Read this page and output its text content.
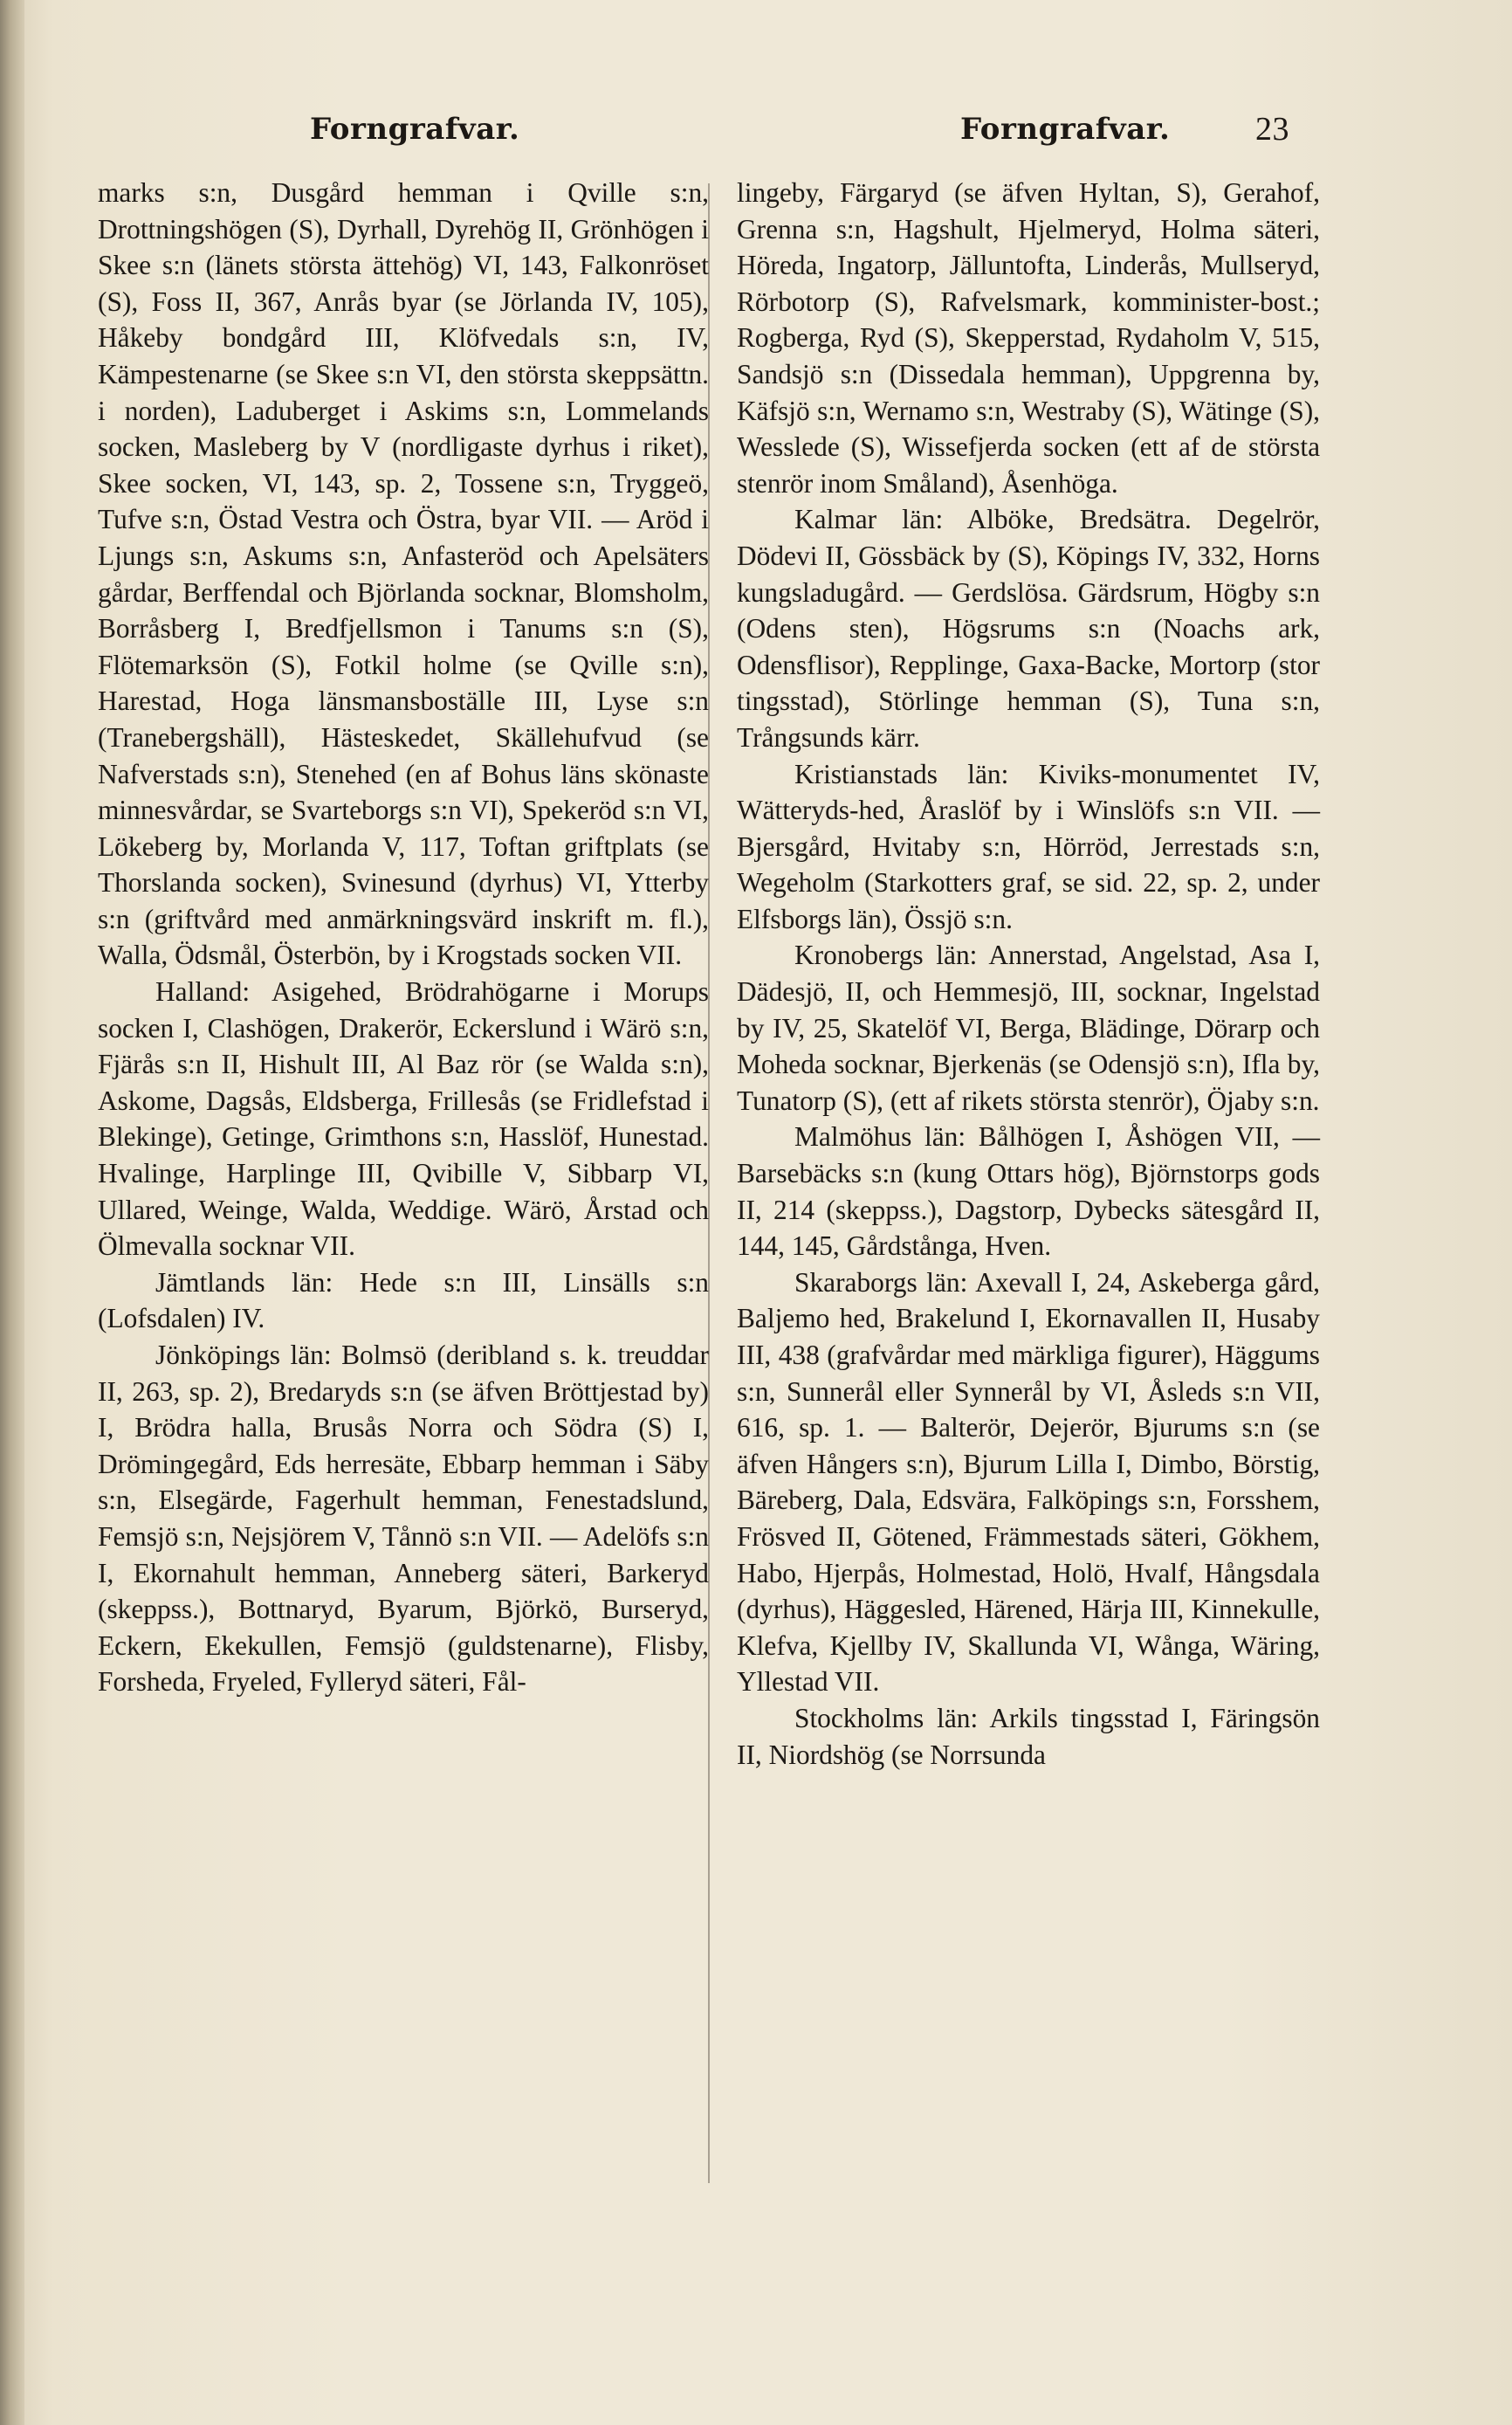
Forngrafvar.	Forngrafvar.	23

marks s:n, Dusgård hemman i Qville s:n, Drottningshögen (S), Dyrhall, Dyrehög II, Grönhögen i Skee s:n (länets största ättehög) VI, 143, Falkonröset (S), Foss II, 367, Anrås byar (se Jörlanda IV, 105), Håkeby bondgård III, Klöfvedals s:n, IV, Kämpestenarne (se Skee s:n VI, den största skeppsättn. i norden), Laduberget i Askims s:n, Lommelands socken, Masleberg by V (nordligaste dyrhus i riket), Skee socken, VI, 143, sp. 2, Tossene s:n, Tryggeö, Tufve s:n, Östad Vestra och Östra, byar VII. — Aröd i Ljungs s:n, Askums s:n, Anfasteröd och Apelsäters gårdar, Berffendal och Björlanda socknar, Blomsholm, Borråsberg I, Bredfjellsmon i Tanums s:n (S), Flötemarksön (S), Fotkil holme (se Qville s:n), Harestad, Hoga länsmansboställe III, Lyse s:n (Tranebergshäll), Hästeskedet, Skällehufvud (se Nafverstads s:n), Stenehed (en af Bohus läns skönaste minnesvårdar, se Svarteborgs s:n VI), Spekeröd s:n VI, Lökeberg by, Morlanda V, 117, Toftan griftplats (se Thorslanda socken), Svinesund (dyrhus) VI, Ytterby s:n (griftvård med anmärkningsvärd inskrift m. fl.), Walla, Ödsmål, Österbön, by i Krogstads socken VII.

Halland: Asigehed, Brödrahögarne i Morups socken I, Clashögen, Drakerör, Eckerslund i Wärö s:n, Fjärås s:n II, Hishult III, Al Baz rör (se Walda s:n), Askome, Dagsås, Eldsberga, Frillesås (se Fridlefstad i Blekinge), Getinge, Grimthons s:n, Hasslöf, Hunestad. Hvalinge, Harplinge III, Qvibille V, Sibbarp VI, Ullared, Weinge, Walda, Weddige. Wärö, Årstad och Ölmevalla socknar VII.

Jämtlands län: Hede s:n III, Linsälls s:n (Lofsdalen) IV.

Jönköpings län: Bolmsö (deribland s. k. treuddar II, 263, sp. 2), Bredaryds s:n (se äfven Bröttjestad by) I, Brödra halla, Brusås Norra och Södra (S) I, Drömingegård, Eds herresäte, Ebbarp hemman i Säby s:n, Elsegärde, Fagerhult hemman, Fenestadslund, Femsjö s:n, Nejsjörem V, Tånnö s:n VII. — Adelöfs s:n I, Ekornahult hemman, Anneberg säteri, Barkeryd (skeppss.), Bottnaryd, Byarum, Björkö, Burseryd, Eckern, Ekekullen, Femsjö (guldstenarne), Flisby, Forsheda, Fryeled, Fylleryd säteri, Fål-

lingeby, Färgaryd (se äfven Hyltan, S), Gerahof, Grenna s:n, Hagshult, Hjelmeryd, Holma säteri, Höreda, Ingatorp, Jälluntofta, Linderås, Mullseryd, Rörbotorp (S), Rafvelsmark, komminister-bost.; Rogberga, Ryd (S), Skepperstad, Rydaholm V, 515, Sandsjö s:n (Dissedala hemman), Uppgrenna by, Käfsjö s:n, Wernamo s:n, Westraby (S), Wätinge (S), Wesslede (S), Wissefjerda socken (ett af de största stenrör inom Småland), Åsenhöga.

Kalmar län: Alböke, Bredsätra. Degelrör, Dödevi II, Gössbäck by (S), Köpings IV, 332, Horns kungsladugård. — Gerdslösa. Gärdsrum, Högby s:n (Odens sten), Högsrums s:n (Noachs ark, Odensflisor), Repplinge, Gaxa-Backe, Mortorp (stor tingsstad), Störlinge hemman (S), Tuna s:n, Trångsunds kärr.

Kristianstads län: Kiviks-monumentet IV, Wätteryds-hed, Åraslöf by i Winslöfs s:n VII. — Bjersgård, Hvitaby s:n, Hörröd, Jerrestads s:n, Wegeholm (Starkotters graf, se sid. 22, sp. 2, under Elfsborgs län), Össjö s:n.

Kronobergs län: Annerstad, Angelstad, Asa I, Dädesjö, II, och Hemmesjö, III, socknar, Ingelstad by IV, 25, Skatelöf VI, Berga, Blädinge, Dörarp och Moheda socknar, Bjerkenäs (se Odensjö s:n), Ifla by, Tunatorp (S), (ett af rikets största stenrör), Öjaby s:n.

Malmöhus län: Bålhögen I, Åshögen VII, — Barsebäcks s:n (kung Ottars hög), Björnstorps gods II, 214 (skeppss.), Dagstorp, Dybecks sätesgård II, 144, 145, Gårdstånga, Hven.

Skaraborgs län: Axevall I, 24, Askeberga gård, Baljemo hed, Brakelund I, Ekornavallen II, Husaby III, 438 (grafvårdar med märkliga figurer), Häggums s:n, Sunnerål eller Synnerål by VI, Åsleds s:n VII, 616, sp. 1. — Balterör, Dejerör, Bjurums s:n (se äfven Hångers s:n), Bjurum Lilla I, Dimbo, Börstig, Bäreberg, Dala, Edsvära, Falköpings s:n, Forsshem, Frösved II, Götened, Främmestads säteri, Gökhem, Habo, Hjerpås, Holmestad, Holö, Hvalf, Hångsdala (dyrhus), Häggesled, Härened, Härja III, Kinnekulle, Klefva, Kjellby IV, Skallunda VI, Wånga, Wäring, Yllestad VII.

Stockholms län: Arkils tingsstad I, Färingsön II, Niordshög (se Norrsunda
